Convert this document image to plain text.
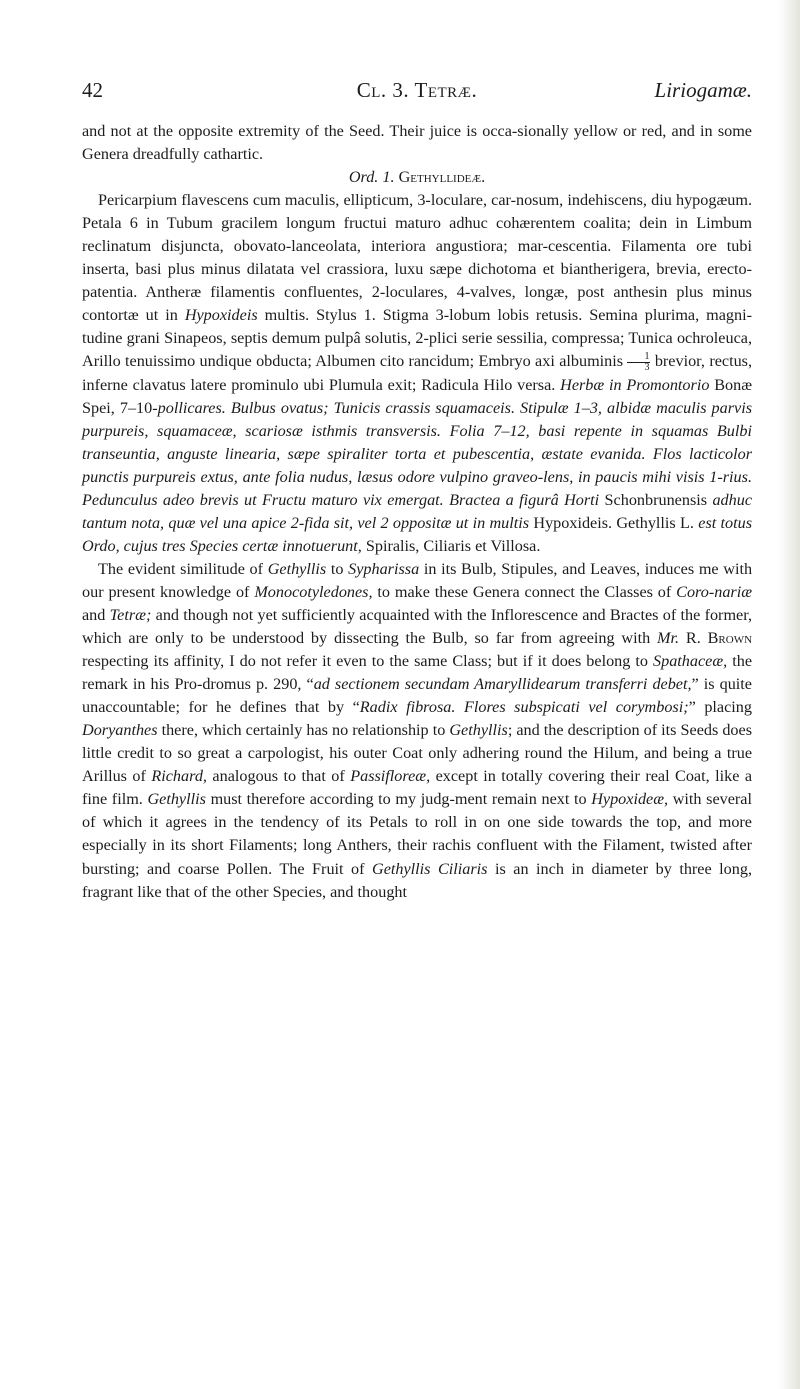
42	Cl. 3. Tetræ.	Liriogamæ.

and not at the opposite extremity of the Seed. Their juice is occa-sionally yellow or red, and in some Genera dreadfully cathartic.

Ord. 1. Gethyllideæ.

Pericarpium flavescens cum maculis, ellipticum, 3-loculare, car-nosum, indehiscens, diu hypogæum. Petala 6 in Tubum gracilem longum fructui maturo adhuc cohærentem coalita; dein in Limbum reclinatum disjuncta, obovato-lanceolata, interiora angustiora; mar-cescentia. Filamenta ore tubi inserta, basi plus minus dilatata vel crassiora, luxu sæpe dichotoma et biantherigera, brevia, erecto-patentia. Antheræ filamentis confluentes, 2-loculares, 4-valves, longæ, post anthesin plus minus contortæ ut in Hypoxideis multis. Stylus 1. Stigma 3-lobum lobis retusis. Semina plurima, magni-tudine grani Sinapeos, septis demum pulpâ solutis, 2-plici serie sessilia, compressa; Tunica ochroleuca, Arillo tenuissimo undique obducta; Albumen cito rancidum; Embryo axi albuminis $\frac{1}{3}$ brevior, rectus, inferne clavatus latere prominulo ubi Plumula exit; Radicula Hilo versa. Herbæ in Promontorio Bonæ Spei, 7–10-pollicares. Bulbus ovatus; Tunicis crassis squamaceis. Stipulæ 1–3, albidæ maculis parvis purpureis, squamaceæ, scariosæ isthmis transversis. Folia 7–12, basi repente in squamas Bulbi transeuntia, anguste linearia, sæpe spiraliter torta et pubescentia, æstate evanida. Flos lacticolor punctis purpureis extus, ante folia nudus, læsus odore vulpino graveo-lens, in paucis mihi visis 1-rius. Pedunculus adeo brevis ut Fructu maturo vix emergat. Bractea a figurâ Horti Schonbrunensis adhuc tantum nota, quæ vel una apice 2-fida sit, vel 2 oppositæ ut in multis Hypoxideis. Gethyllis L. est totus Ordo, cujus tres Species certæ innotuerunt, Spiralis, Ciliaris et Villosa.

The evident similitude of Gethyllis to Sypharissa in its Bulb, Stipules, and Leaves, induces me with our present knowledge of Monocotyledones, to make these Genera connect the Classes of Coro-nariæ and Tetræ; and though not yet sufficiently acquainted with the Inflorescence and Bractes of the former, which are only to be understood by dissecting the Bulb, so far from agreeing with Mr. R. Brown respecting its affinity, I do not refer it even to the same Class; but if it does belong to Spathaceæ, the remark in his Pro-dromus p. 290, “ad sectionem secundam Amaryllidearum transferri debet,” is quite unaccountable; for he defines that by “Radix fibrosa. Flores subspicati vel corymbosi;” placing Doryanthes there, which certainly has no relationship to Gethyllis; and the description of its Seeds does little credit to so great a carpologist, his outer Coat only adhering round the Hilum, and being a true Arillus of Richard, analogous to that of Passifloreæ, except in totally covering their real Coat, like a fine film. Gethyllis must therefore according to my judg-ment remain next to Hypoxideæ, with several of which it agrees in the tendency of its Petals to roll in on one side towards the top, and more especially in its short Filaments; long Anthers, their rachis confluent with the Filament, twisted after bursting; and coarse Pollen. The Fruit of Gethyllis Ciliaris is an inch in diameter by three long, fragrant like that of the other Species, and thought
